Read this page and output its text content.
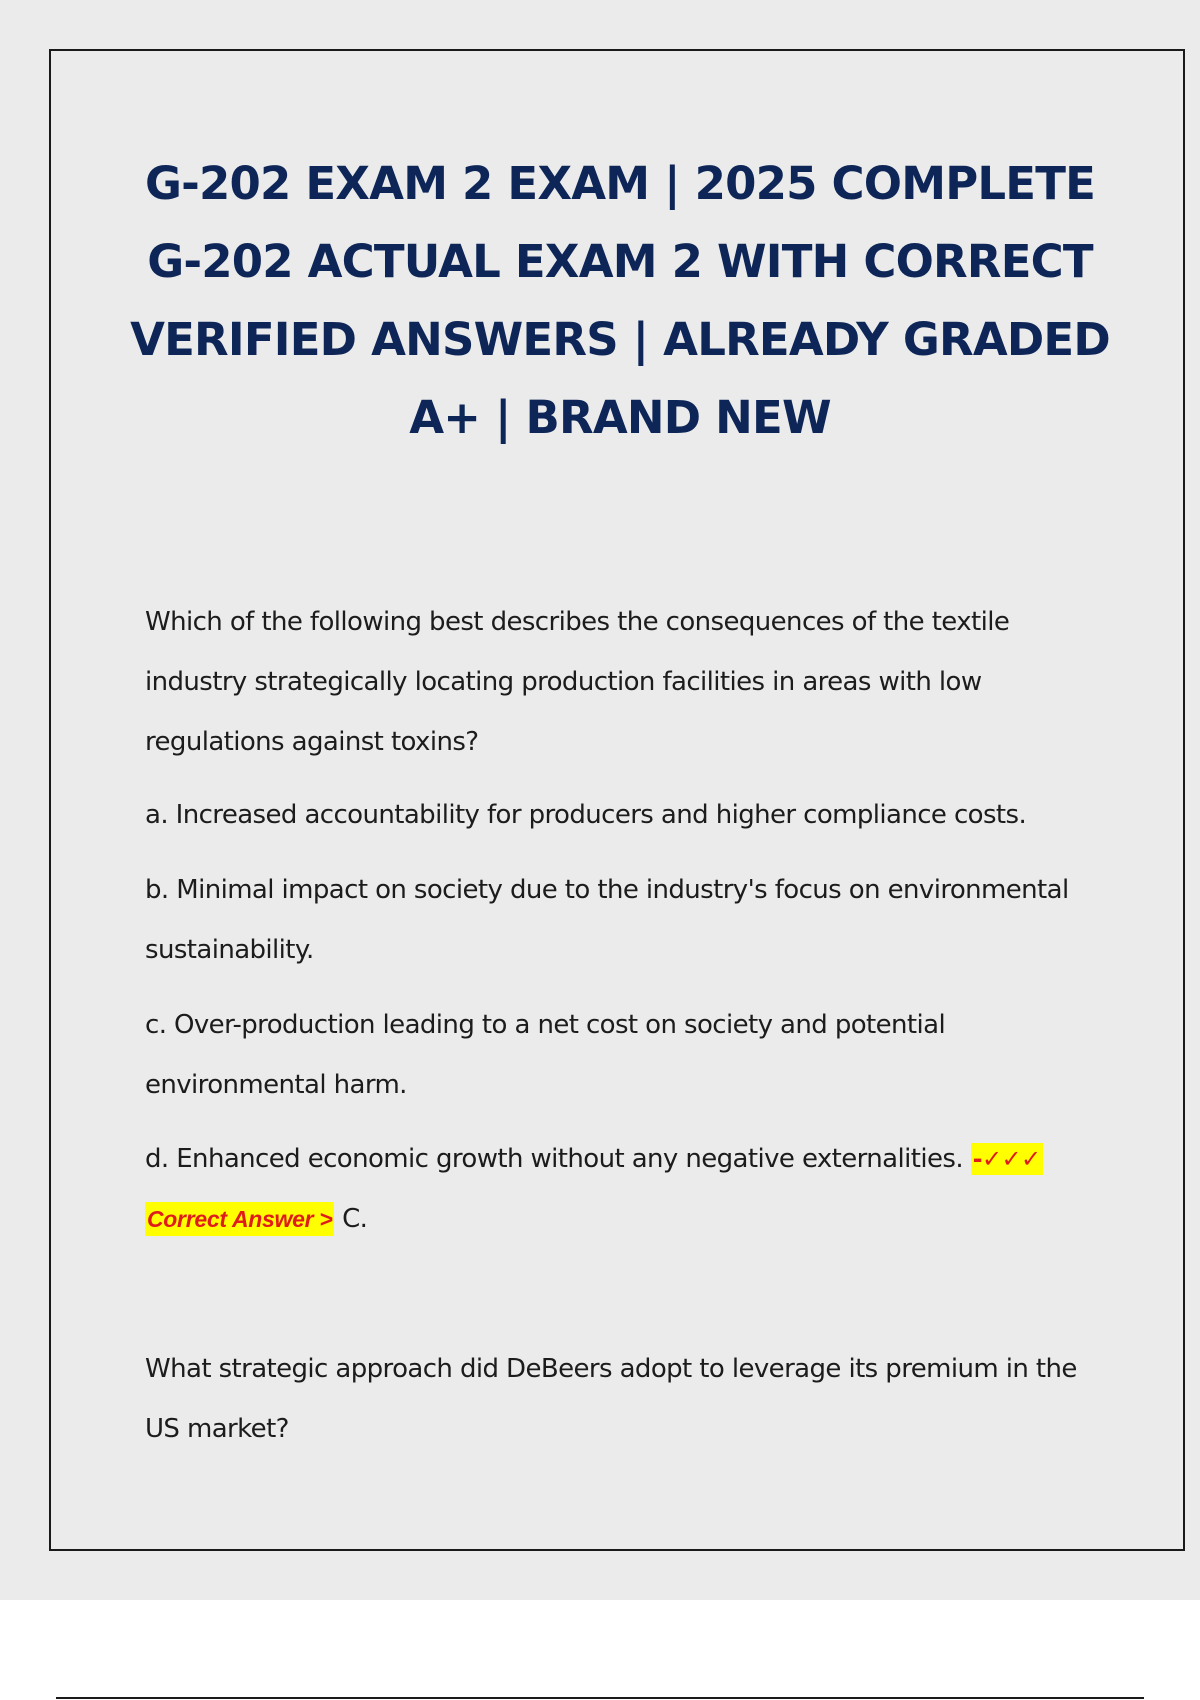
G-202 EXAM 2 EXAM | 2025 COMPLETE G-202 ACTUAL EXAM 2 WITH CORRECT VERIFIED ANSWERS | ALREADY GRADED A+ | BRAND NEW

Which of the following best describes the consequences of the textile industry strategically locating production facilities in areas with low regulations against toxins?

a. Increased accountability for producers and higher compliance costs.

b. Minimal impact on society due to the industry's focus on environmental sustainability.

c. Over-production leading to a net cost on society and potential environmental harm.

d. Enhanced economic growth without any negative externalities. -✓✓✓
Correct Answer > C.

What strategic approach did DeBeers adopt to leverage its premium in the US market?
